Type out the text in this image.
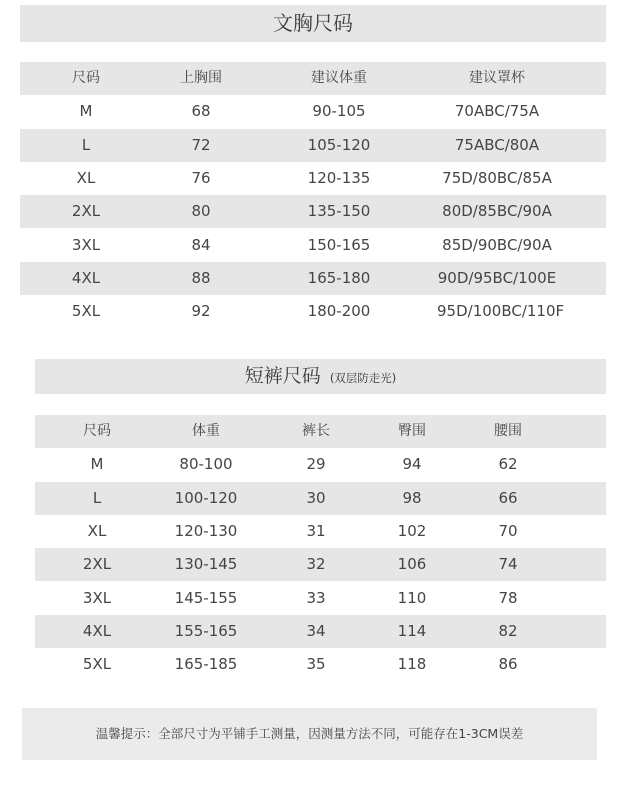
文胸尺码
尺码	上胸围	建议体重	建议罩杯
M	68	90-105	70ABC/75A
L	72	105-120	75ABC/80A
XL	76	120-135	75D/80BC/85A
2XL	80	135-150	80D/85BC/90A
3XL	84	150-165	85D/90BC/90A
4XL	88	165-180	90D/95BC/100E
5XL	92	180-200	95D/100BC/110F
短裤尺码 (双层防走光)
尺码	体重	裤长	臀围	腰围
M	80-100	29	94	62
L	100-120	30	98	66
XL	120-130	31	102	70
2XL	130-145	32	106	74
3XL	145-155	33	110	78
4XL	155-165	34	114	82
5XL	165-185	35	118	86
温馨提示：全部尺寸为平铺手工测量，因测量方法不同，可能存在1-3CM误差
